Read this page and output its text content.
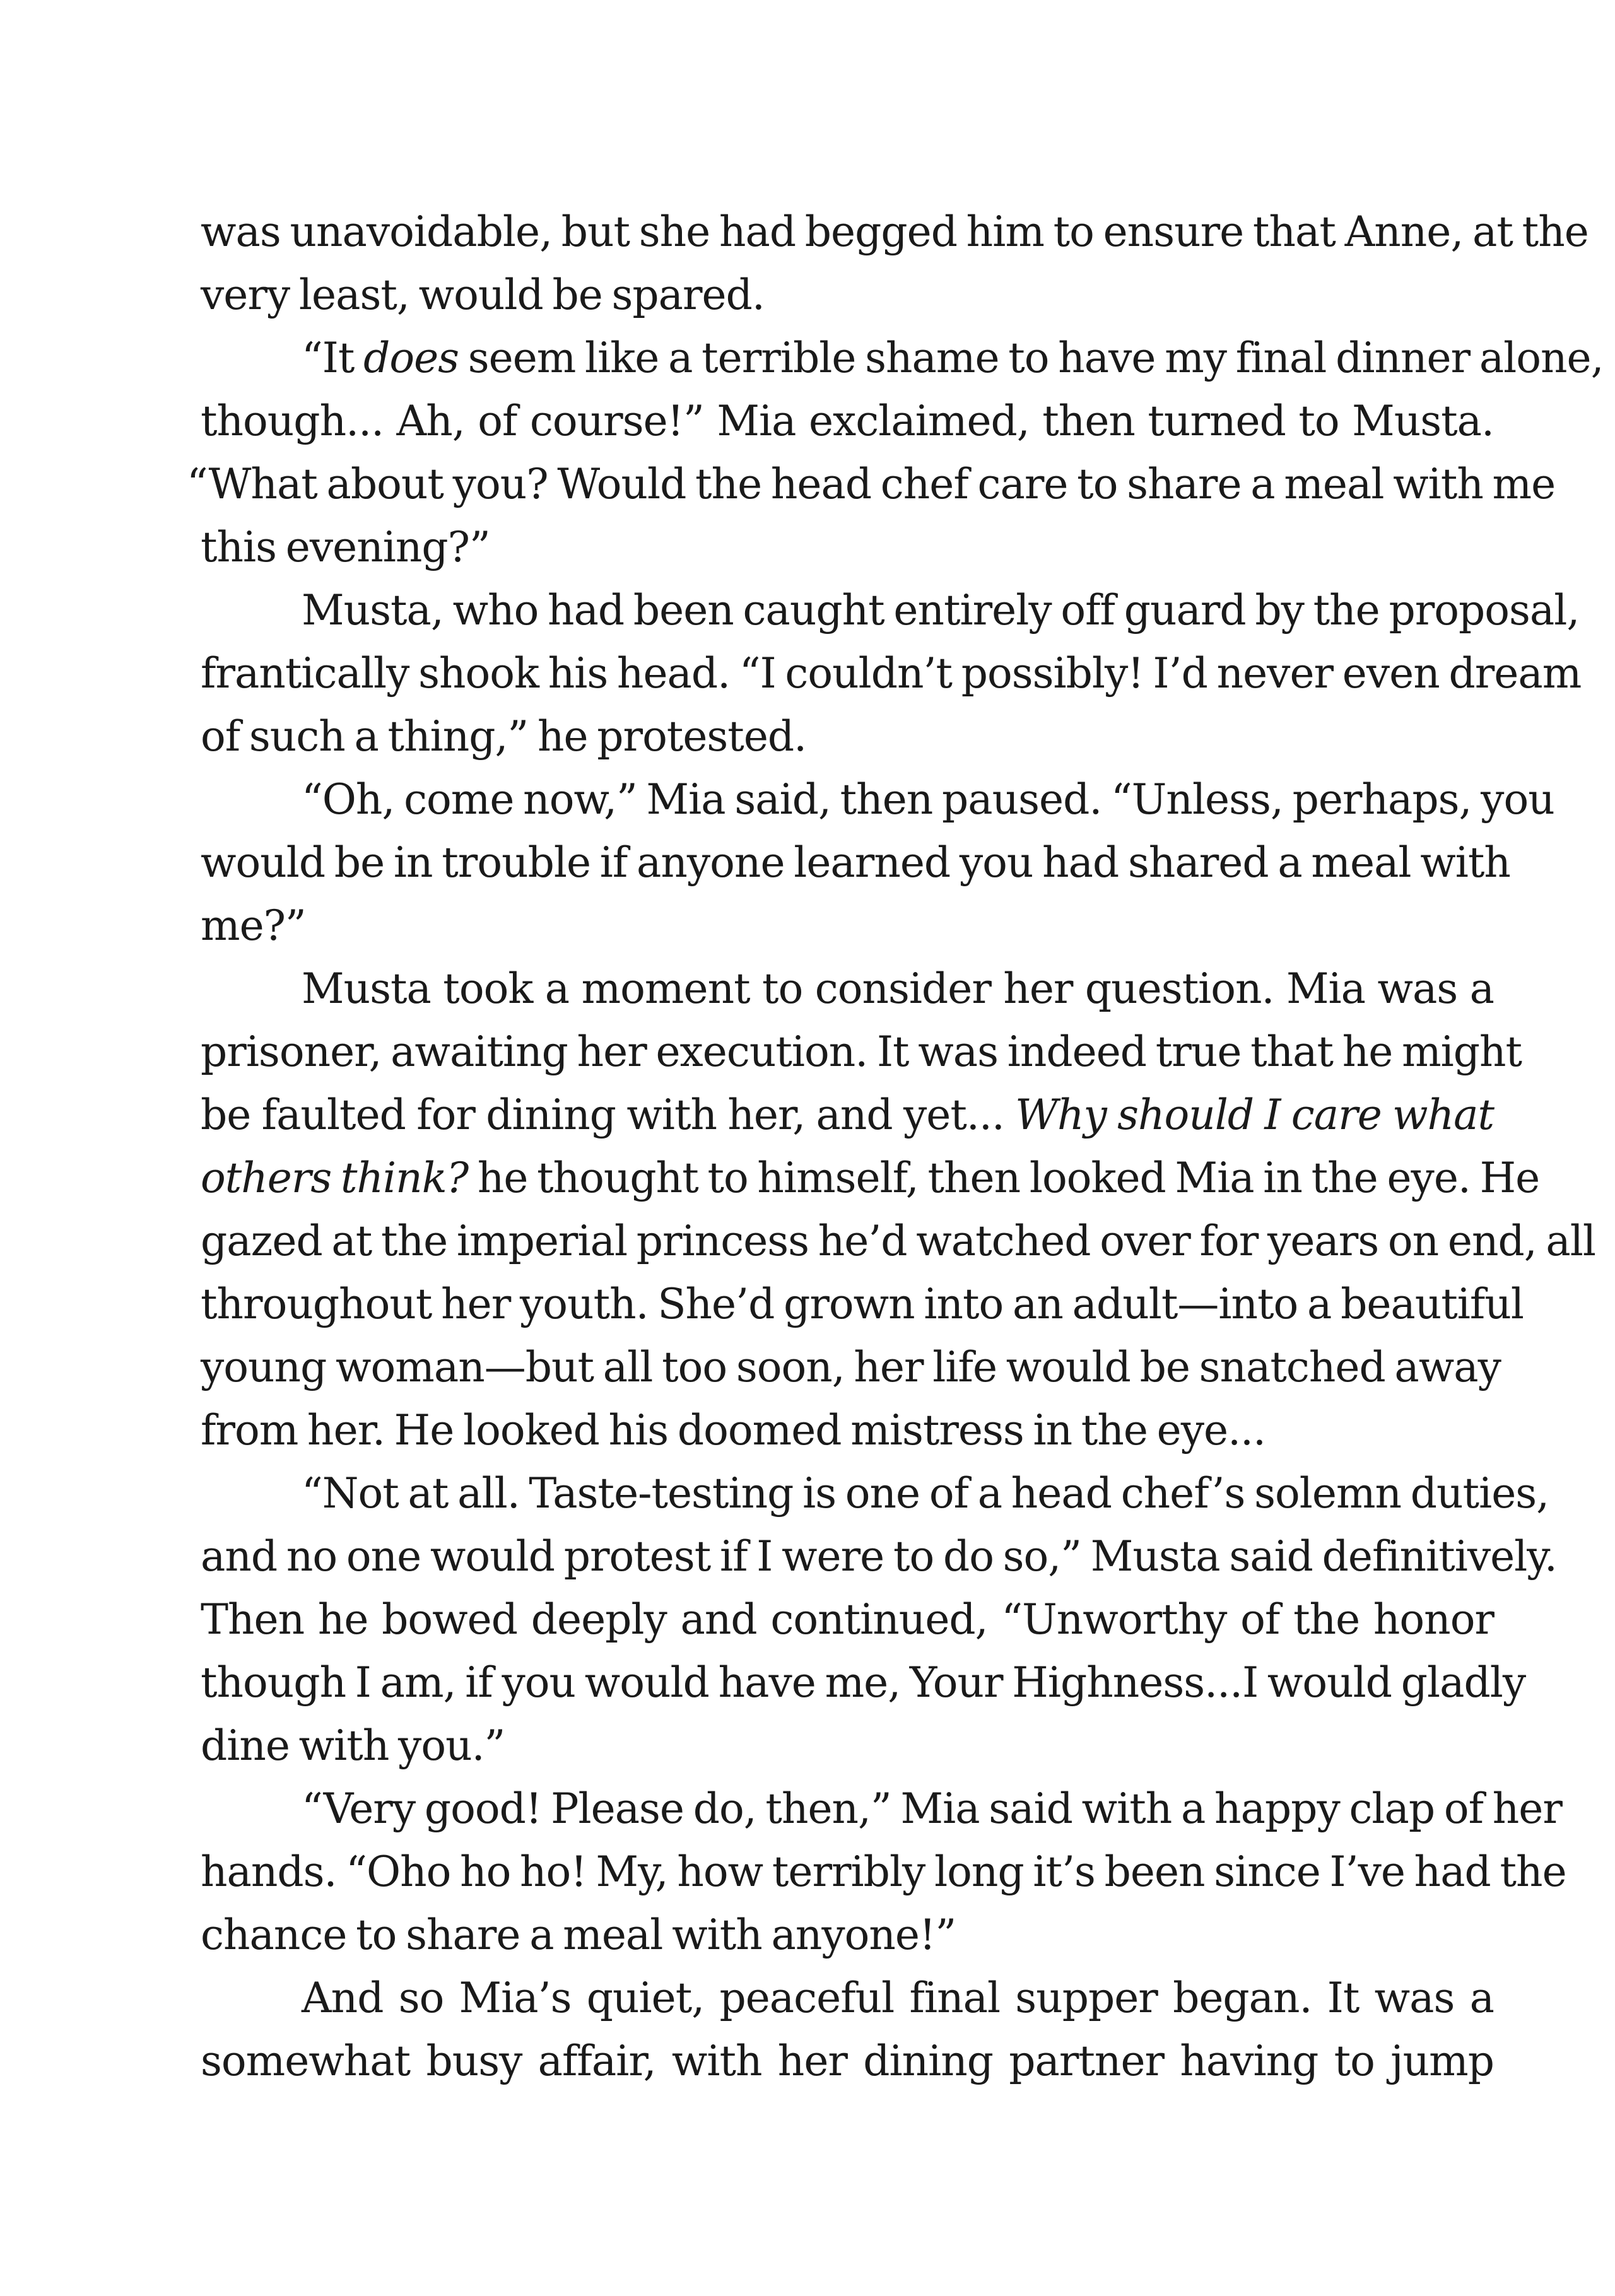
was unavoidable, but she had begged him to ensure that Anne, at the
very least, would be spared.
“It does seem like a terrible shame to have my final dinner alone,
though... Ah, of course!” Mia exclaimed, then turned to Musta.
“What about you? Would the head chef care to share a meal with me
this evening?”
Musta, who had been caught entirely off guard by the proposal,
frantically shook his head. “I couldn’t possibly! I’d never even dream
of such a thing,” he protested.
“Oh, come now,” Mia said, then paused. “Unless, perhaps, you
would be in trouble if anyone learned you had shared a meal with
me?”
Musta took a moment to consider her question. Mia was a
prisoner, awaiting her execution. It was indeed true that he might
be faulted for dining with her, and yet... Why should I care what
others think? he thought to himself, then looked Mia in the eye. He
gazed at the imperial princess he’d watched over for years on end, all
throughout her youth. She’d grown into an adult—into a beautiful
young woman—but all too soon, her life would be snatched away
from her. He looked his doomed mistress in the eye...
“Not at all. Taste-testing is one of a head chef’s solemn duties,
and no one would protest if I were to do so,” Musta said definitively.
Then he bowed deeply and continued, “Unworthy of the honor
though I am, if you would have me, Your Highness...I would gladly
dine with you.”
“Very good! Please do, then,” Mia said with a happy clap of her
hands. “Oho ho ho! My, how terribly long it’s been since I’ve had the
chance to share a meal with anyone!”
And so Mia’s quiet, peaceful final supper began. It was a
somewhat busy affair, with her dining partner having to jump
